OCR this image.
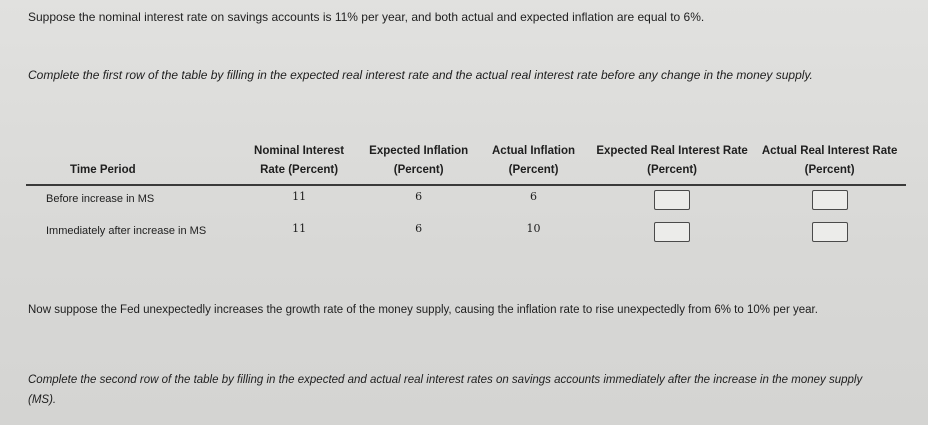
Suppose the nominal interest rate on savings accounts is 11% per year, and both actual and expected inflation are equal to 6%.
Complete the first row of the table by filling in the expected real interest rate and the actual real interest rate before any change in the money supply.
Time Period	Nominal Interest Rate (Percent)	Expected Inflation (Percent)	Actual Inflation (Percent)	Expected Real Interest Rate (Percent)	Actual Real Interest Rate (Percent)
Before increase in MS	11	6	6		
Immediately after increase in MS	11	6	10		
Now suppose the Fed unexpectedly increases the growth rate of the money supply, causing the inflation rate to rise unexpectedly from 6% to 10% per year.
Complete the second row of the table by filling in the expected and actual real interest rates on savings accounts immediately after the increase in the money supply (MS).
